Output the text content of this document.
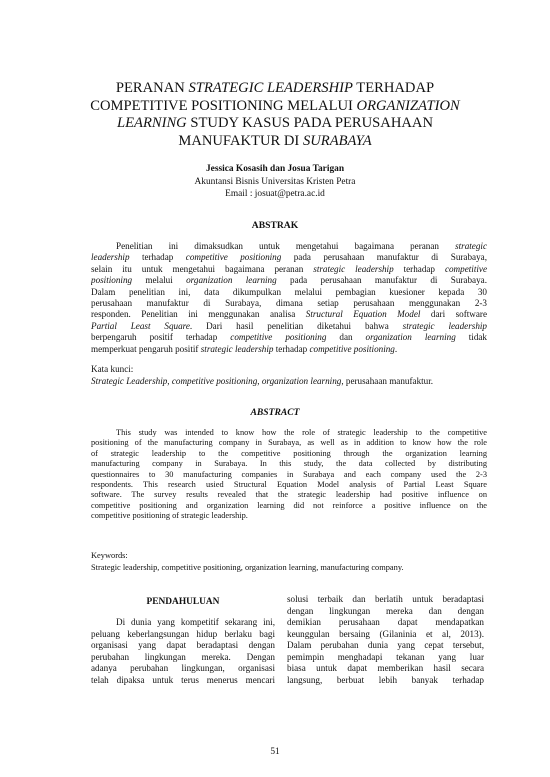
PERANAN STRATEGIC LEADERSHIP TERHADAP
COMPETITIVE POSITIONING MELALUI ORGANIZATION
LEARNING STUDY KASUS PADA PERUSAHAAN
MANUFAKTUR DI SURABAYA
Jessica Kosasih dan Josua Tarigan
Akuntansi Bisnis Universitas Kristen Petra
Email : josuat@petra.ac.id
ABSTRAK
Penelitian ini dimaksudkan untuk mengetahui bagaimana peranan strategic
leadership terhadap competitive positioning pada perusahaan manufaktur di Surabaya,
selain itu untuk mengetahui bagaimana peranan strategic leadership terhadap competitive
positioning melalui organization learning pada perusahaan manufaktur di Surabaya.
Dalam penelitian ini, data dikumpulkan melalui pembagian kuesioner kepada 30
perusahaan manufaktur di Surabaya, dimana setiap perusahaan menggunakan 2-3
responden. Penelitian ini menggunakan analisa Structural Equation Model dari software
Partial Least Square. Dari hasil penelitian diketahui bahwa strategic leadership
berpengaruh positif terhadap competitive positioning dan organization learning tidak
memperkuat pengaruh positif strategic leadership terhadap competitive positioning.
Kata kunci:
Strategic Leadership, competitive positioning, organization learning, perusahaan manufaktur.
ABSTRACT
This study was intended to know how the role of strategic leadership to the competitive
positioning of the manufacturing company in Surabaya, as well as in addition to know how the role
of strategic leadership to the competitive positioning through the organization learning
manufacturing company in Surabaya. In this study, the data collected by distributing
questionnaires to 30 manufacturing companies in Surabaya and each company used the 2-3
respondents. This research usied Structural Equation Model analysis of Partial Least Square
software. The survey results revealed that the strategic leadership had positive influence on
competitive positioning and organization learning did not reinforce a positive influence on the
competitive positioning of strategic leadership.
Keywords:
Strategic leadership, competitive positioning, organization learning, manufacturing company.
PENDAHULUAN
Di dunia yang kompetitif sekarang ini,
peluang keberlangsungan hidup berlaku bagi
organisasi yang dapat beradaptasi dengan
perubahan lingkungan mereka. Dengan
adanya perubahan lingkungan, organisasi
telah dipaksa untuk terus menerus mencari
solusi terbaik dan berlatih untuk beradaptasi
dengan lingkungan mereka dan dengan
demikian perusahaan dapat mendapatkan
keunggulan bersaing (Gilaninia et al, 2013).
Dalam perubahan dunia yang cepat tersebut,
pemimpin menghadapi tekanan yang luar
biasa untuk dapat memberikan hasil secara
langsung, berbuat lebih banyak terhadap
51
